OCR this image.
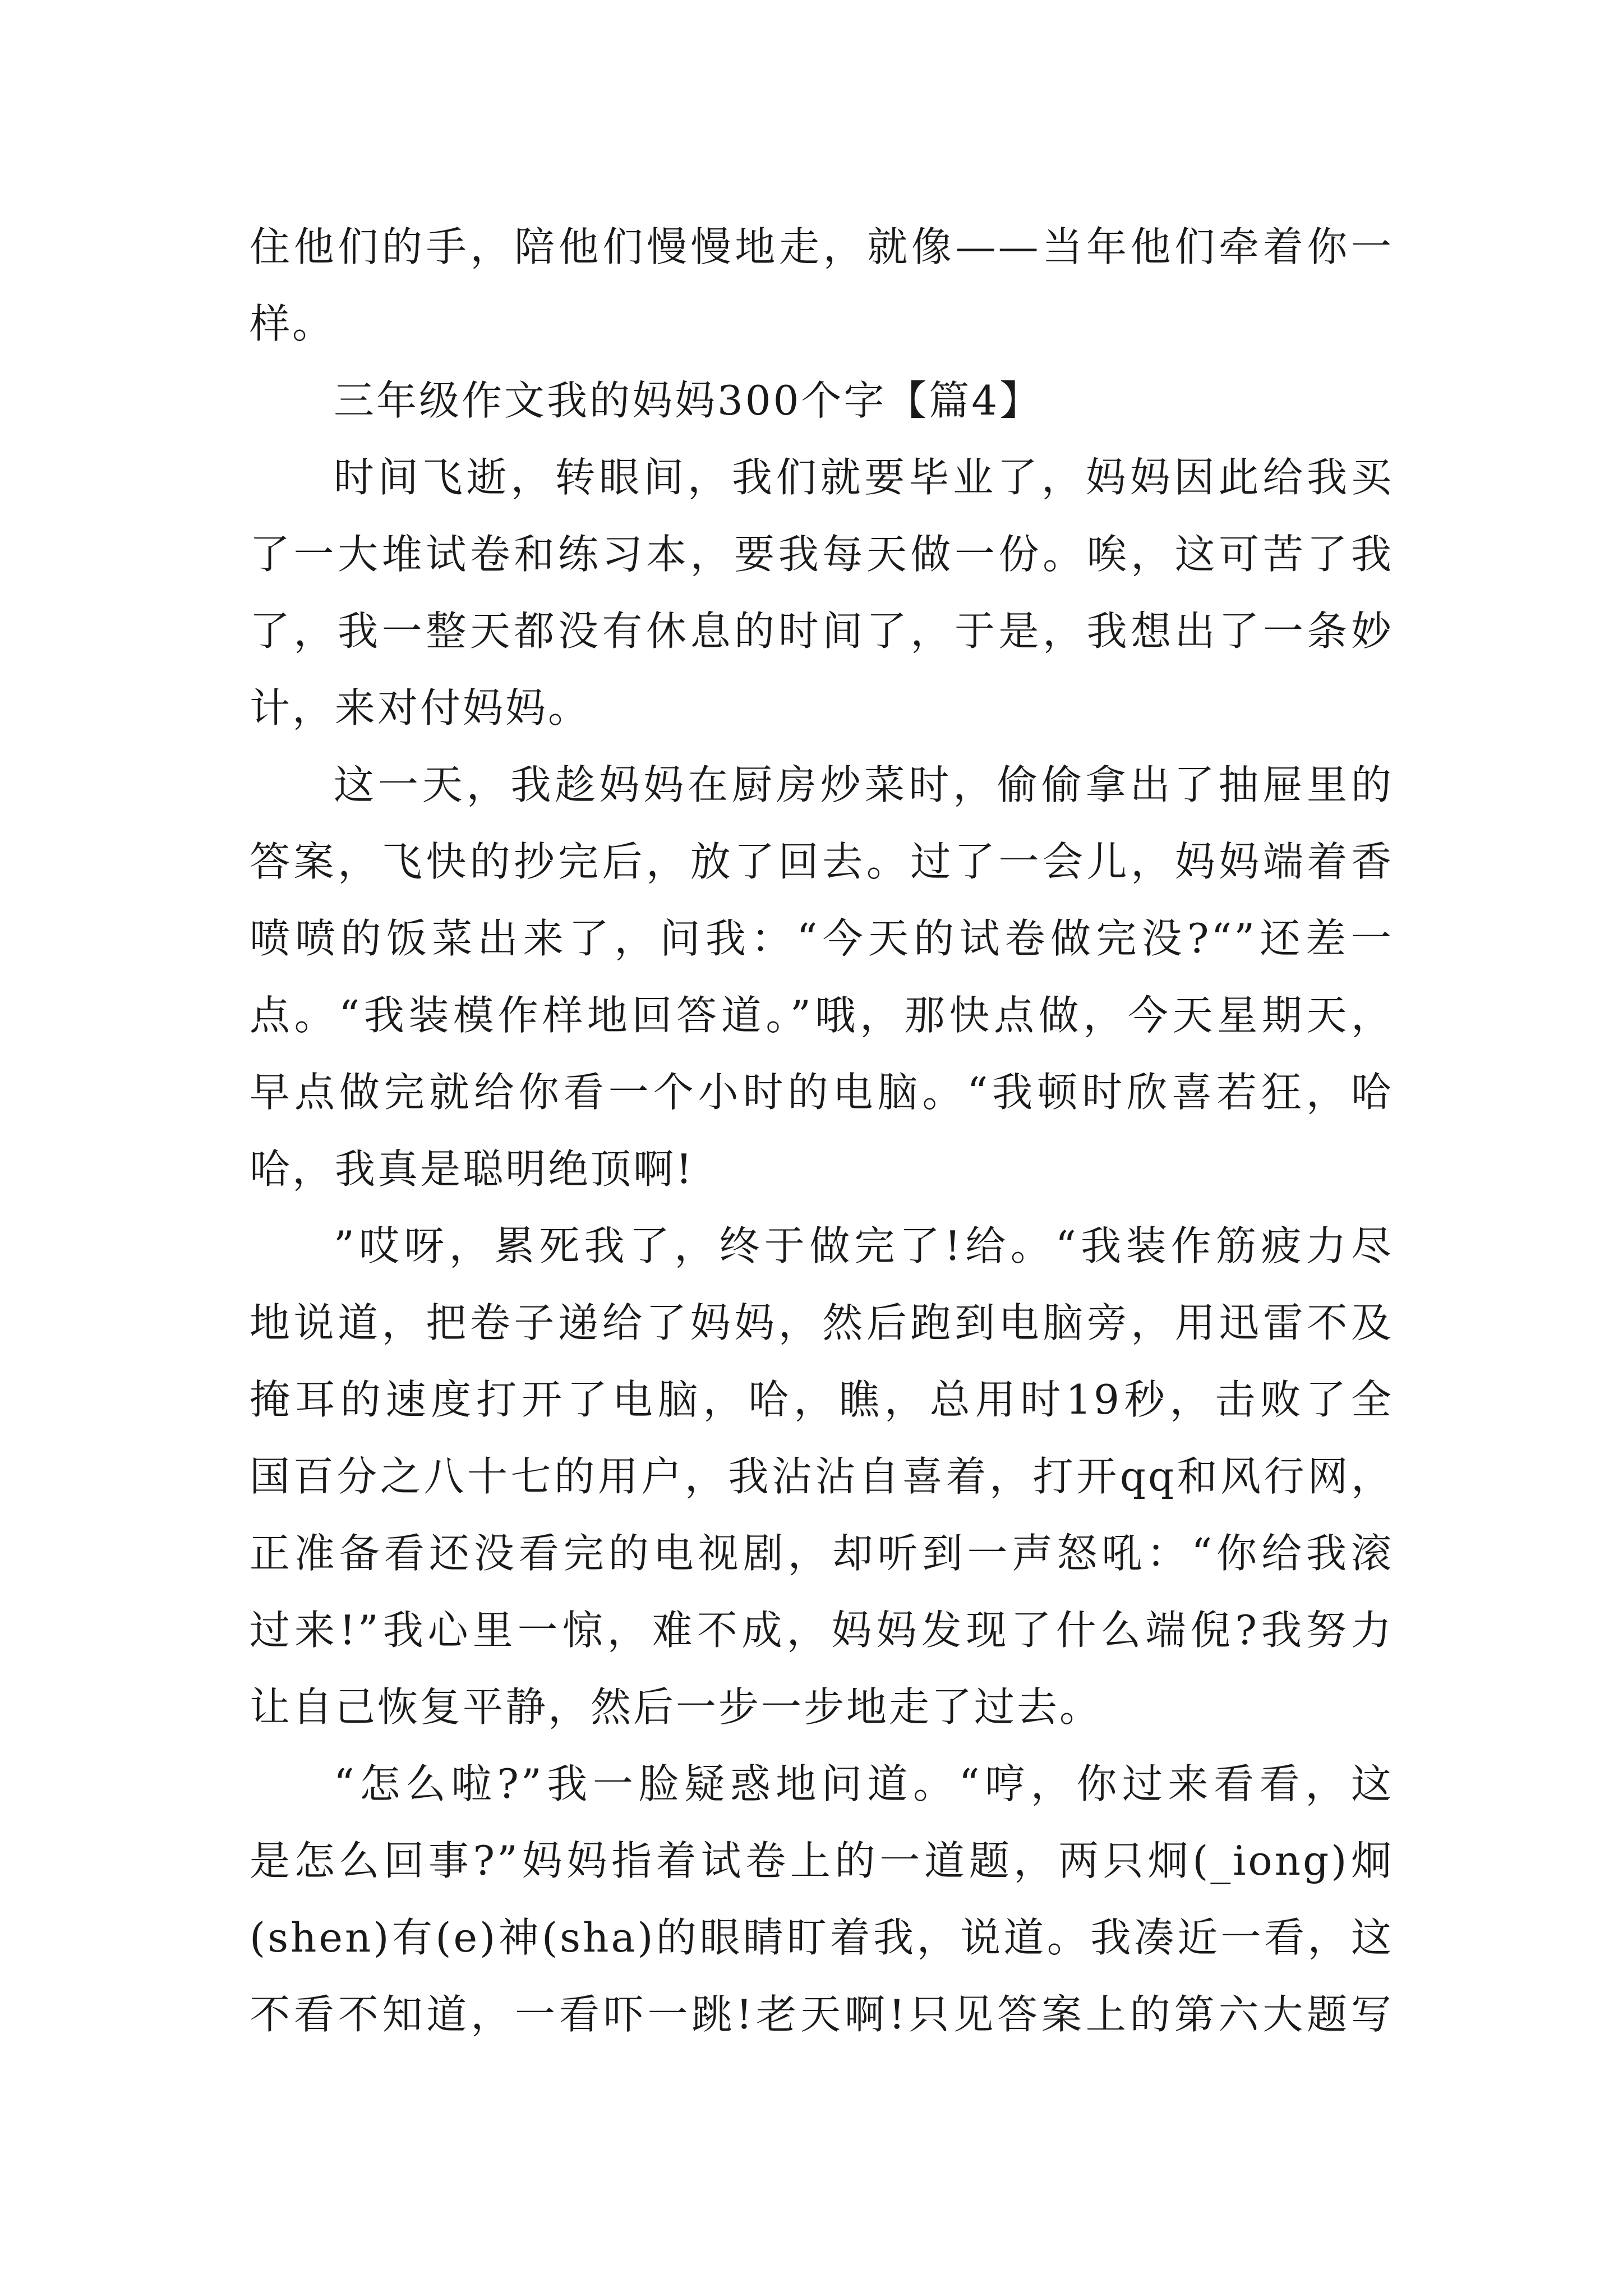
住他们的手，陪他们慢慢地走，就像——当年他们牵着你一
样。
三年级作文我的妈妈300个字【篇4】
时间飞逝，转眼间，我们就要毕业了，妈妈因此给我买
了一大堆试卷和练习本，要我每天做一份。唉，这可苦了我
了，我一整天都没有休息的时间了，于是，我想出了一条妙
计，来对付妈妈。
这一天，我趁妈妈在厨房炒菜时，偷偷拿出了抽屉里的
答案，飞快的抄完后，放了回去。过了一会儿，妈妈端着香
喷喷的饭菜出来了，问我：“今天的试卷做完没?“”还差一
点。“我装模作样地回答道。”哦，那快点做，今天星期天，
早点做完就给你看一个小时的电脑。“我顿时欣喜若狂，哈
哈，我真是聪明绝顶啊!
”哎呀，累死我了，终于做完了!给。“我装作筋疲力尽
地说道，把卷子递给了妈妈，然后跑到电脑旁，用迅雷不及
掩耳的速度打开了电脑，哈，瞧，总用时19秒，击败了全
国百分之八十七的用户，我沾沾自喜着，打开qq和风行网，
正准备看还没看完的电视剧，却听到一声怒吼：“你给我滚
过来!”我心里一惊，难不成，妈妈发现了什么端倪?我努力
让自己恢复平静，然后一步一步地走了过去。
“怎么啦?”我一脸疑惑地问道。“哼，你过来看看，这
是怎么回事?”妈妈指着试卷上的一道题，两只炯(_iong)炯
(shen)有(e)神(sha)的眼睛盯着我，说道。我凑近一看，这
不看不知道，一看吓一跳!老天啊!只见答案上的第六大题写
